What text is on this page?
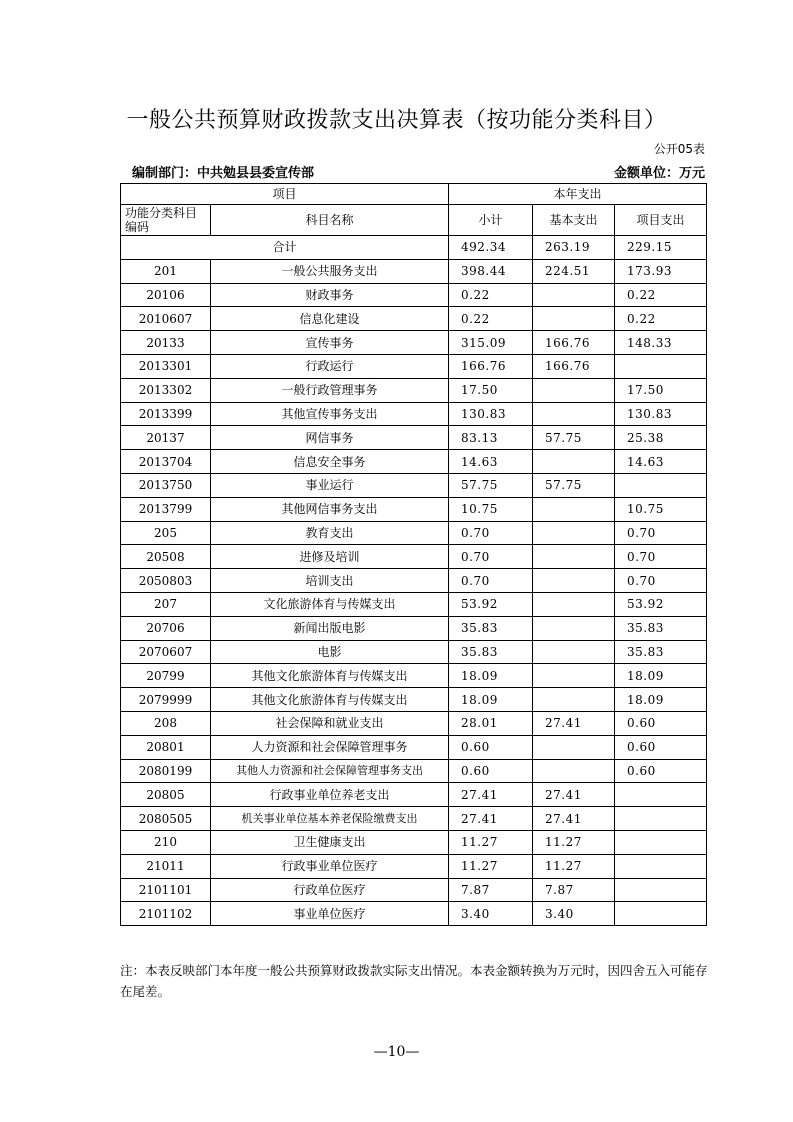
一般公共预算财政拨款支出决算表（按功能分类科目）
公开05表
编制部门：中共勉县县委宣传部	金额单位：万元
项目		本年支出		
功能分类科目编码	科目名称	小计	基本支出	项目支出
合计		492.34	263.19	229.15
201	一般公共服务支出	398.44	224.51	173.93
20106	财政事务	0.22		0.22
2010607	信息化建设	0.22		0.22
20133	宣传事务	315.09	166.76	148.33
2013301	行政运行	166.76	166.76	
2013302	一般行政管理事务	17.50		17.50
2013399	其他宣传事务支出	130.83		130.83
20137	网信事务	83.13	57.75	25.38
2013704	信息安全事务	14.63		14.63
2013750	事业运行	57.75	57.75	
2013799	其他网信事务支出	10.75		10.75
205	教育支出	0.70		0.70
20508	进修及培训	0.70		0.70
2050803	培训支出	0.70		0.70
207	文化旅游体育与传媒支出	53.92		53.92
20706	新闻出版电影	35.83		35.83
2070607	电影	35.83		35.83
20799	其他文化旅游体育与传媒支出	18.09		18.09
2079999	其他文化旅游体育与传媒支出	18.09		18.09
208	社会保障和就业支出	28.01	27.41	0.60
20801	人力资源和社会保障管理事务	0.60		0.60
2080199	其他人力资源和社会保障管理事务支出	0.60		0.60
20805	行政事业单位养老支出	27.41	27.41	
2080505	机关事业单位基本养老保险缴费支出	27.41	27.41	
210	卫生健康支出	11.27	11.27	
21011	行政事业单位医疗	11.27	11.27	
2101101	行政单位医疗	7.87	7.87	
2101102	事业单位医疗	3.40	3.40	
注：本表反映部门本年度一般公共预算财政拨款实际支出情况。本表金额转换为万元时，因四舍五入可能存在尾差。
—10—
